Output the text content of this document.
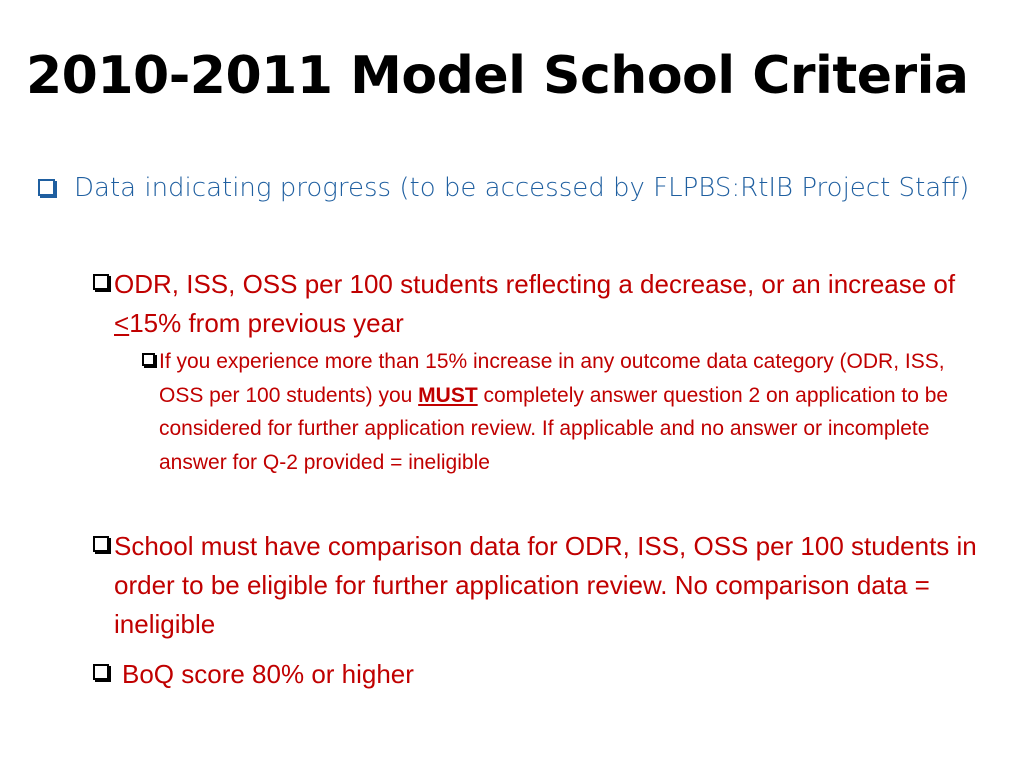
2010-2011 Model School Criteria
Data indicating progress (to be accessed by FLPBS:RtIB Project Staff)
ODR, ISS, OSS per 100 students reflecting a decrease, or an increase of <15% from previous year
If you experience more than 15% increase in any outcome data category (ODR, ISS, OSS per 100 students) you MUST completely answer question 2 on application to be considered for further application review. If applicable and no answer or incomplete answer for Q-2 provided = ineligible
School must have comparison data for ODR, ISS, OSS per 100 students in order to be eligible for further application review. No comparison data = ineligible
BoQ score 80% or higher
